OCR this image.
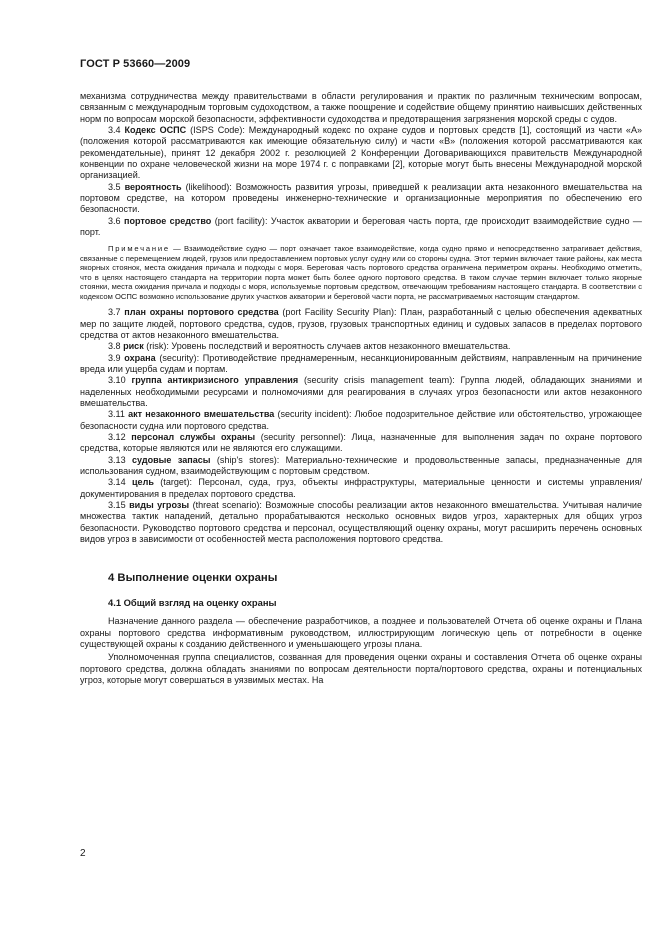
ГОСТ Р 53660—2009

механизма сотрудничества между правительствами в области регулирования и практик по различным техническим вопросам, связанным с международным торговым судоходством, а также поощрение и содействие общему принятию наивысших действенных норм по вопросам морской безопасности, эффективности судоходства и предотвращения загрязнения морской среды с судов.

3.4 Кодекс ОСПС (ISPS Code): Международный кодекс по охране судов и портовых средств [1], состоящий из части «А» (положения которой рассматриваются как имеющие обязательную силу) и части «В» (положения которой рассматриваются как рекомендательные), принят 12 декабря 2002 г. резолюцией 2 Конференции Договаривающихся правительств Международной конвенции по охране человеческой жизни на море 1974 г. с поправками [2], которые могут быть внесены Международной морской организацией.

3.5 вероятность (likelihood): Возможность развития угрозы, приведшей к реализации акта незаконного вмешательства на портовом средстве, на котором проведены инженерно-технические и организационные мероприятия по обеспечению его безопасности.

3.6 портовое средство (port facility): Участок акватории и береговая часть порта, где происходит взаимодействие судно — порт.

Примечание — Взаимодействие судно — порт означает такое взаимодействие, когда судно прямо и непосредственно затрагивает действия, связанные с перемещением людей, грузов или предоставлением портовых услуг судну или со стороны судна. Этот термин включает такие районы, как места якорных стоянок, места ожидания причала и подходы с моря. Береговая часть портового средства ограничена периметром охраны. Необходимо отметить, что в целях настоящего стандарта на территории порта может быть более одного портового средства. В таком случае термин включает только якорные стоянки, места ожидания причала и подходы с моря, используемые портовым средством, отвечающим требованиям настоящего стандарта. В соответствии с кодексом ОСПС возможно использование других участков акватории и береговой части порта, не рассматриваемых настоящим стандартом.

3.7 план охраны портового средства (port Facility Security Plan): План, разработанный с целью обеспечения адекватных мер по защите людей, портового средства, судов, грузов, грузовых транспортных единиц и судовых запасов в пределах портового средства от актов незаконного вмешательства.

3.8 риск (risk): Уровень последствий и вероятность случаев актов незаконного вмешательства.

3.9 охрана (security): Противодействие преднамеренным, несанкционированным действиям, направленным на причинение вреда или ущерба судам и портам.

3.10 группа антикризисного управления (security crisis management team): Группа людей, обладающих знаниями и наделенных необходимыми ресурсами и полномочиями для реагирования в случаях угроз безопасности или актов незаконного вмешательства.

3.11 акт незаконного вмешательства (security incident): Любое подозрительное действие или обстоятельство, угрожающее безопасности судна или портового средства.

3.12 персонал службы охраны (security personnel): Лица, назначенные для выполнения задач по охране портового средства, которые являются или не являются его служащими.

3.13 судовые запасы (ship's stores): Материально-технические и продовольственные запасы, предназначенные для использования судном, взаимодействующим с портовым средством.

3.14 цель (target): Персонал, суда, груз, объекты инфраструктуры, материальные ценности и системы управления/документирования в пределах портового средства.

3.15 виды угрозы (threat scenario): Возможные способы реализации актов незаконного вмешательства. Учитывая наличие множества тактик нападений, детально прорабатываются несколько основных видов угроз, характерных для общих угроз безопасности. Руководство портового средства и персонал, осуществляющий оценку охраны, могут расширить перечень основных видов угроз в зависимости от особенностей места расположения портового средства.

4 Выполнение оценки охраны
4.1 Общий взгляд на оценку охраны

Назначение данного раздела — обеспечение разработчиков, а позднее и пользователей Отчета об оценке охраны и Плана охраны портового средства информативным руководством, иллюстрирующим логическую цепь от потребности в оценке существующей охраны к созданию действенного и уменьшающего угрозы плана.

Уполномоченная группа специалистов, созванная для проведения оценки охраны и составления Отчета об оценке охраны портового средства, должна обладать знаниями по вопросам деятельности порта/портового средства, охраны и потенциальных угроз, которые могут совершаться в уязвимых местах. На

2
